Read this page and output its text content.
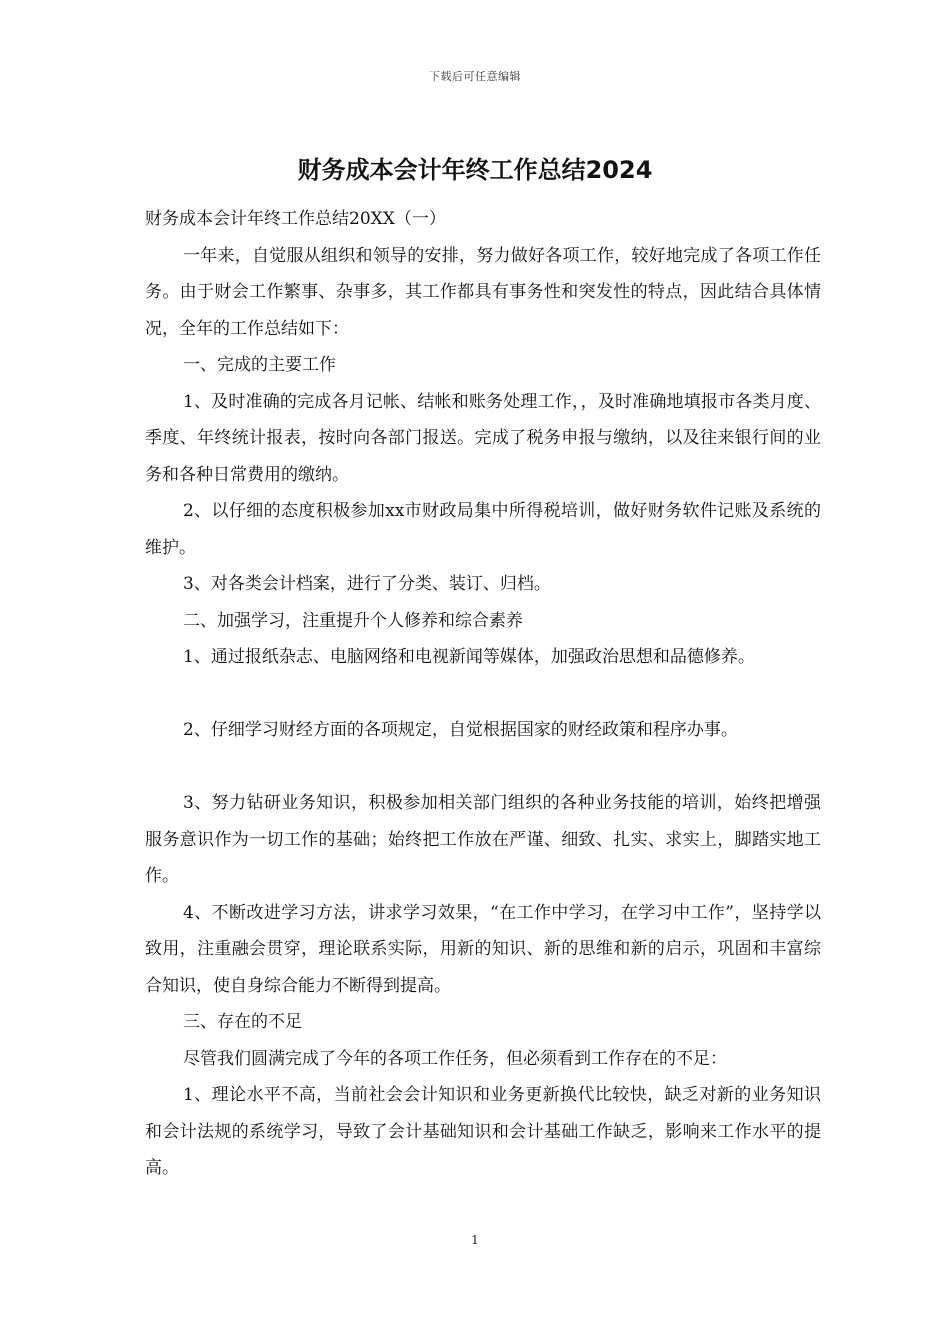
下载后可任意编辑
财务成本会计年终工作总结2024

财务成本会计年终工作总结20XX（一）

一年来，自觉服从组织和领导的安排，努力做好各项工作，较好地完成了各项工作任务。由于财会工作繁事、杂事多，其工作都具有事务性和突发性的特点，因此结合具体情况，全年的工作总结如下：

一、完成的主要工作

1、及时准确的完成各月记帐、结帐和账务处理工作，，及时准确地填报市各类月度、季度、年终统计报表，按时向各部门报送。完成了税务申报与缴纳，以及往来银行间的业务和各种日常费用的缴纳。

2、以仔细的态度积极参加xx市财政局集中所得税培训，做好财务软件记账及系统的维护。

3、对各类会计档案，进行了分类、装订、归档。

二、加强学习，注重提升个人修养和综合素养

1、通过报纸杂志、电脑网络和电视新闻等媒体，加强政治思想和品德修养。

2、仔细学习财经方面的各项规定，自觉根据国家的财经政策和程序办事。

3、努力钻研业务知识，积极参加相关部门组织的各种业务技能的培训，始终把增强服务意识作为一切工作的基础；始终把工作放在严谨、细致、扎实、求实上，脚踏实地工作。

4、不断改进学习方法，讲求学习效果，“在工作中学习，在学习中工作”，坚持学以致用，注重融会贯穿，理论联系实际，用新的知识、新的思维和新的启示，巩固和丰富综合知识，使自身综合能力不断得到提高。

三、存在的不足

尽管我们圆满完成了今年的各项工作任务，但必须看到工作存在的不足：

1、理论水平不高，当前社会会计知识和业务更新换代比较快，缺乏对新的业务知识和会计法规的系统学习，导致了会计基础知识和会计基础工作缺乏，影响来工作水平的提高。

1
